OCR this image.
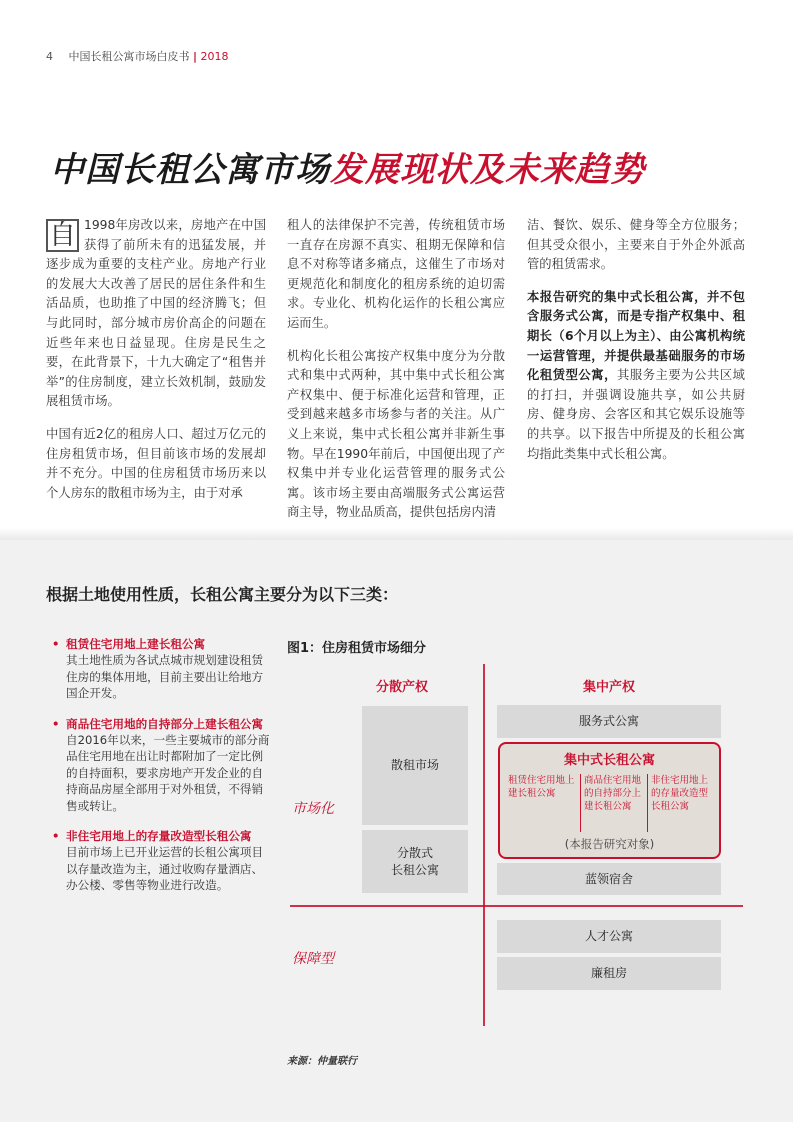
4 中国长租公寓市场白皮书 | 2018
中国长租公寓市场发展现状及未来趋势

自 1998年房改以来，房地产在中国获得了前所未有的迅猛发展，并逐步成为重要的支柱产业。房地产行业的发展大大改善了居民的居住条件和生活品质，也助推了中国的经济腾飞；但与此同时，部分城市房价高企的问题在近些年来也日益显现。住房是民生之要，在此背景下，十九大确定了“租售并举”的住房制度，建立长效机制，鼓励发展租赁市场。

中国有近2亿的租房人口、超过万亿元的住房租赁市场，但目前该市场的发展却并不充分。中国的住房租赁市场历来以个人房东的散租市场为主，由于对承

租人的法律保护不完善，传统租赁市场一直存在房源不真实、租期无保障和信息不对称等诸多痛点，这催生了市场对更规范化和制度化的租房系统的迫切需求。专业化、机构化运作的长租公寓应运而生。

机构化长租公寓按产权集中度分为分散式和集中式两种，其中集中式长租公寓产权集中、便于标准化运营和管理，正受到越来越多市场参与者的关注。从广义上来说，集中式长租公寓并非新生事物。早在1990年前后，中国便出现了产权集中并专业化运营管理的服务式公寓。该市场主要由高端服务式公寓运营商主导，物业品质高，提供包括房内清

洁、餐饮、娱乐、健身等全方位服务；但其受众很小，主要来自于外企外派高管的租赁需求。

本报告研究的集中式长租公寓，并不包含服务式公寓，而是专指产权集中、租期长（6个月以上为主）、由公寓机构统一运营管理，并提供最基础服务的市场化租赁型公寓，其服务主要为公共区域的打扫，并强调设施共享，如公共厨房、健身房、会客区和其它娱乐设施等的共享。以下报告中所提及的长租公寓均指此类集中式长租公寓。

根据土地使用性质，长租公寓主要分为以下三类：
• 租赁住宅用地上建长租公寓
其土地性质为各试点城市规划建设租赁住房的集体用地，目前主要出让给地方国企开发。
• 商品住宅用地的自持部分上建长租公寓
自2016年以来，一些主要城市的部分商品住宅用地在出让时都附加了一定比例的自持面积，要求房地产开发企业的自持商品房屋全部用于对外租赁，不得销售或转让。
• 非住宅用地上的存量改造型长租公寓
目前市场上已开业运营的长租公寓项目以存量改造为主，通过收购存量酒店、办公楼、零售等物业进行改造。
图1：住房租赁市场细分
分散产权	集中产权
市场化
保障型
散租市场
分散式
长租公寓
服务式公寓
集中式长租公寓
租赁住宅用地上建长租公寓
商品住宅用地的自持部分上建长租公寓
非住宅用地上的存量改造型长租公寓
(本报告研究对象)
蓝领宿舍
人才公寓
廉租房
来源：仲量联行
